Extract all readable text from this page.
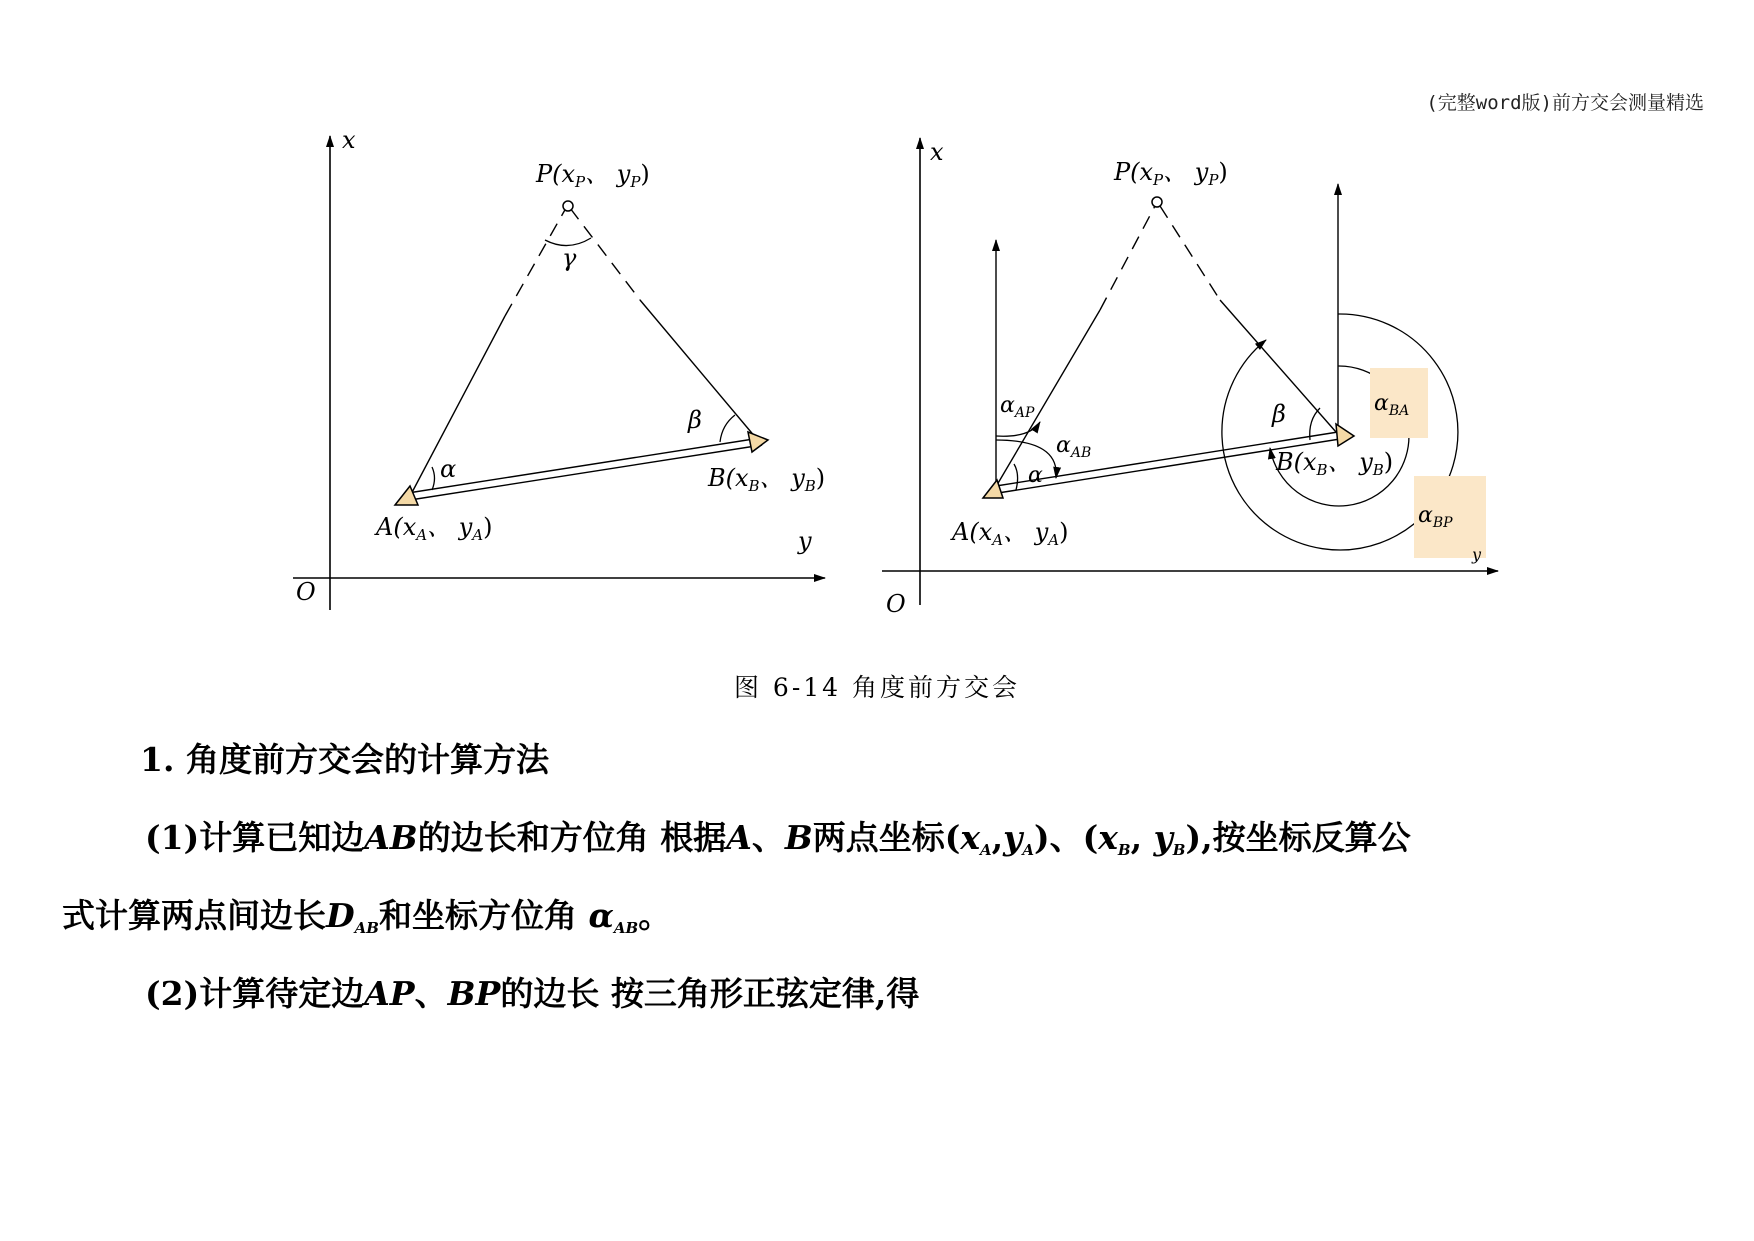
(完整word版)前方交会测量精选
x
y
O
α
β
γ
$P(x_P$、 $y_P$)
$A(x_A$、 $y_A$)
$B(x_B$、 $y_B$)
x
O
$\alpha_{AP}$
$\alpha_{AB}$
α
β	$\alpha_{BA}$
$\alpha_{BP}$
y
$P(x_P$、 $y_P$)
$A(x_A$、 $y_A$)
$B(x_B$、 $y_B$)
图 6-14 角度前方交会
1. 角度前方交会的计算方法
(1)计算已知边AB的边长和方位角 根据A、B两点坐标$(x_A,y_A)$、($x_B$, $y_B$),按坐标反算公
式计算两点间边长$D_{AB}$和坐标方位角 $\alpha_{AB}$。
(2)计算待定边AP、BP的边长 按三角形正弦定律,得
